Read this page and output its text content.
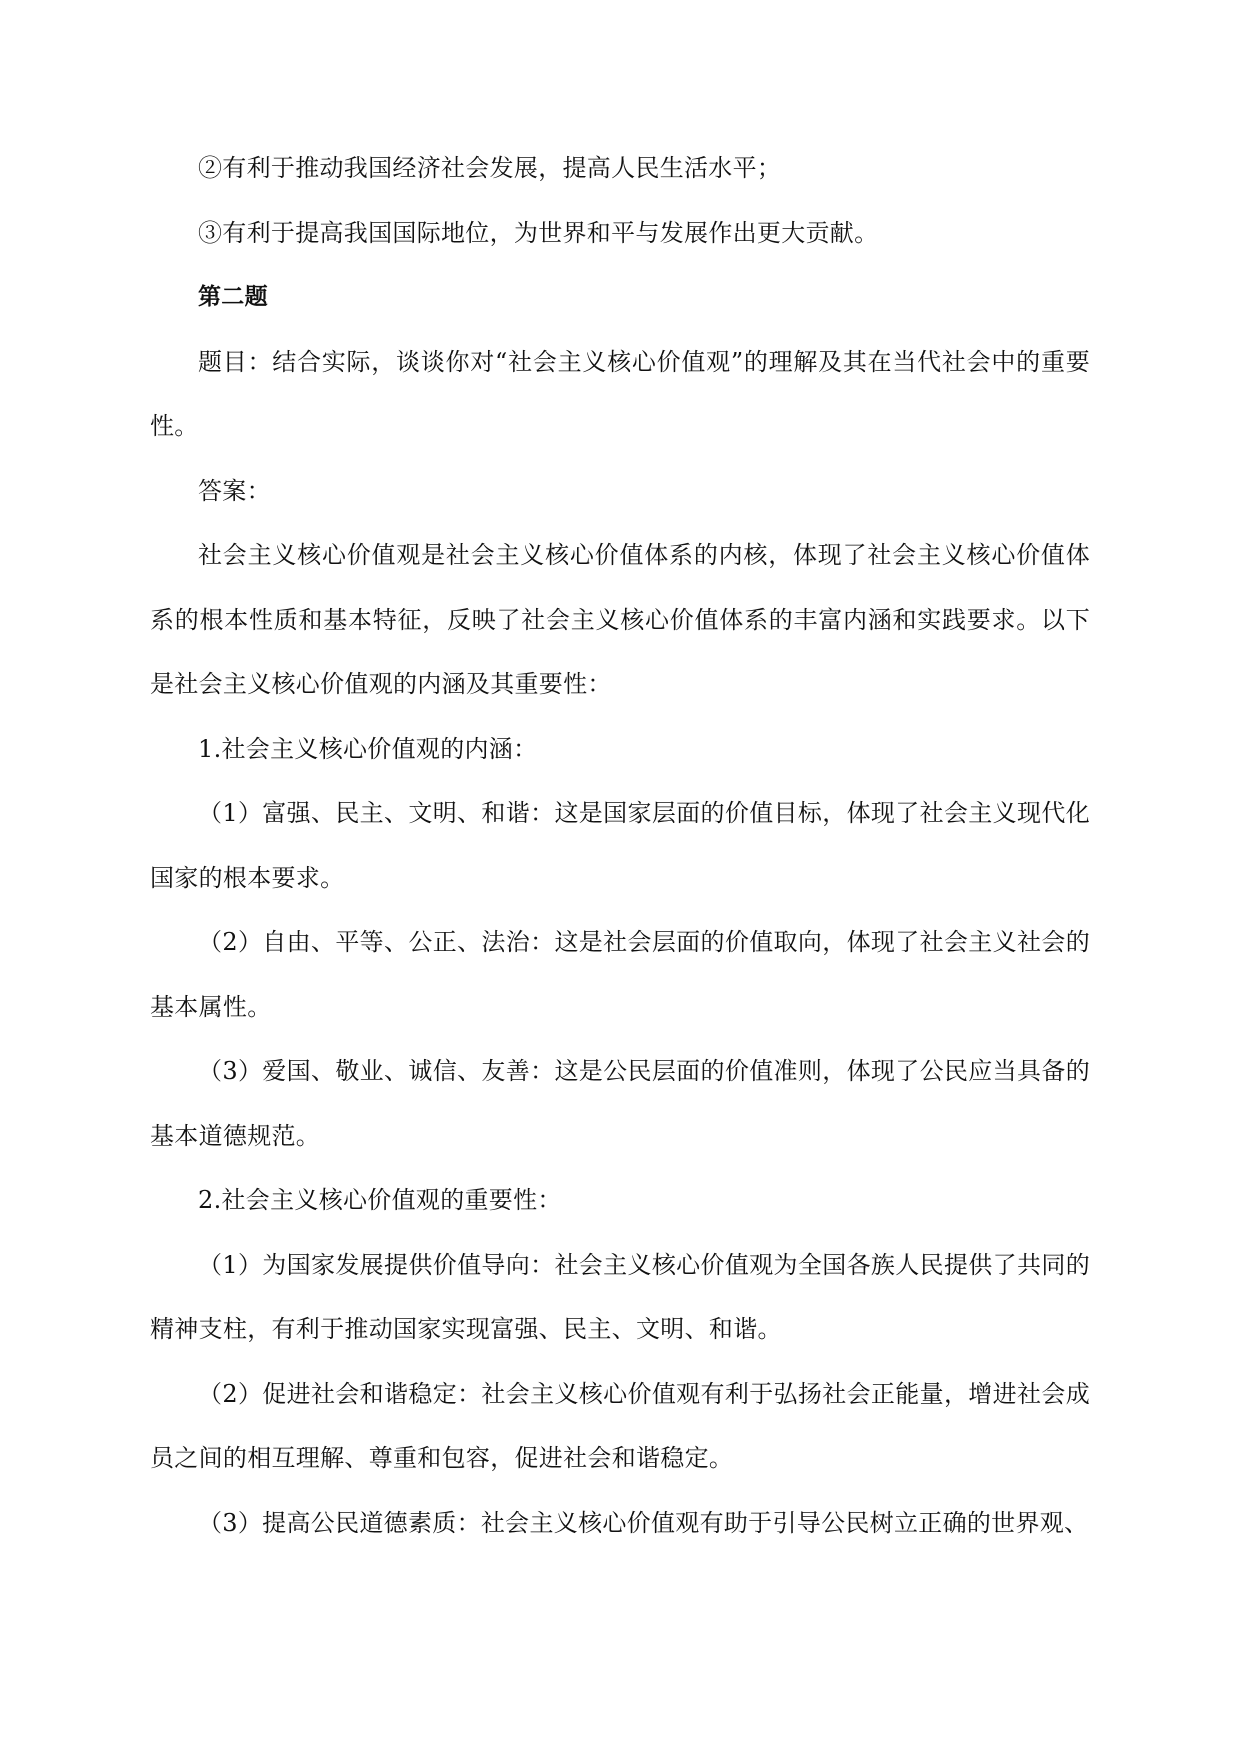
②有利于推动我国经济社会发展，提高人民生活水平；

③有利于提高我国国际地位，为世界和平与发展作出更大贡献。

第二题

题目：结合实际，谈谈你对“社会主义核心价值观”的理解及其在当代社会中的重要性。

答案：

社会主义核心价值观是社会主义核心价值体系的内核，体现了社会主义核心价值体系的根本性质和基本特征，反映了社会主义核心价值体系的丰富内涵和实践要求。以下是社会主义核心价值观的内涵及其重要性：

1.社会主义核心价值观的内涵：

（1）富强、民主、文明、和谐：这是国家层面的价值目标，体现了社会主义现代化国家的根本要求。

（2）自由、平等、公正、法治：这是社会层面的价值取向，体现了社会主义社会的基本属性。

（3）爱国、敬业、诚信、友善：这是公民层面的价值准则，体现了公民应当具备的基本道德规范。

2.社会主义核心价值观的重要性：

（1）为国家发展提供价值导向：社会主义核心价值观为全国各族人民提供了共同的精神支柱，有利于推动国家实现富强、民主、文明、和谐。

（2）促进社会和谐稳定：社会主义核心价值观有利于弘扬社会正能量，增进社会成员之间的相互理解、尊重和包容，促进社会和谐稳定。

（3）提高公民道德素质：社会主义核心价值观有助于引导公民树立正确的世界观、
